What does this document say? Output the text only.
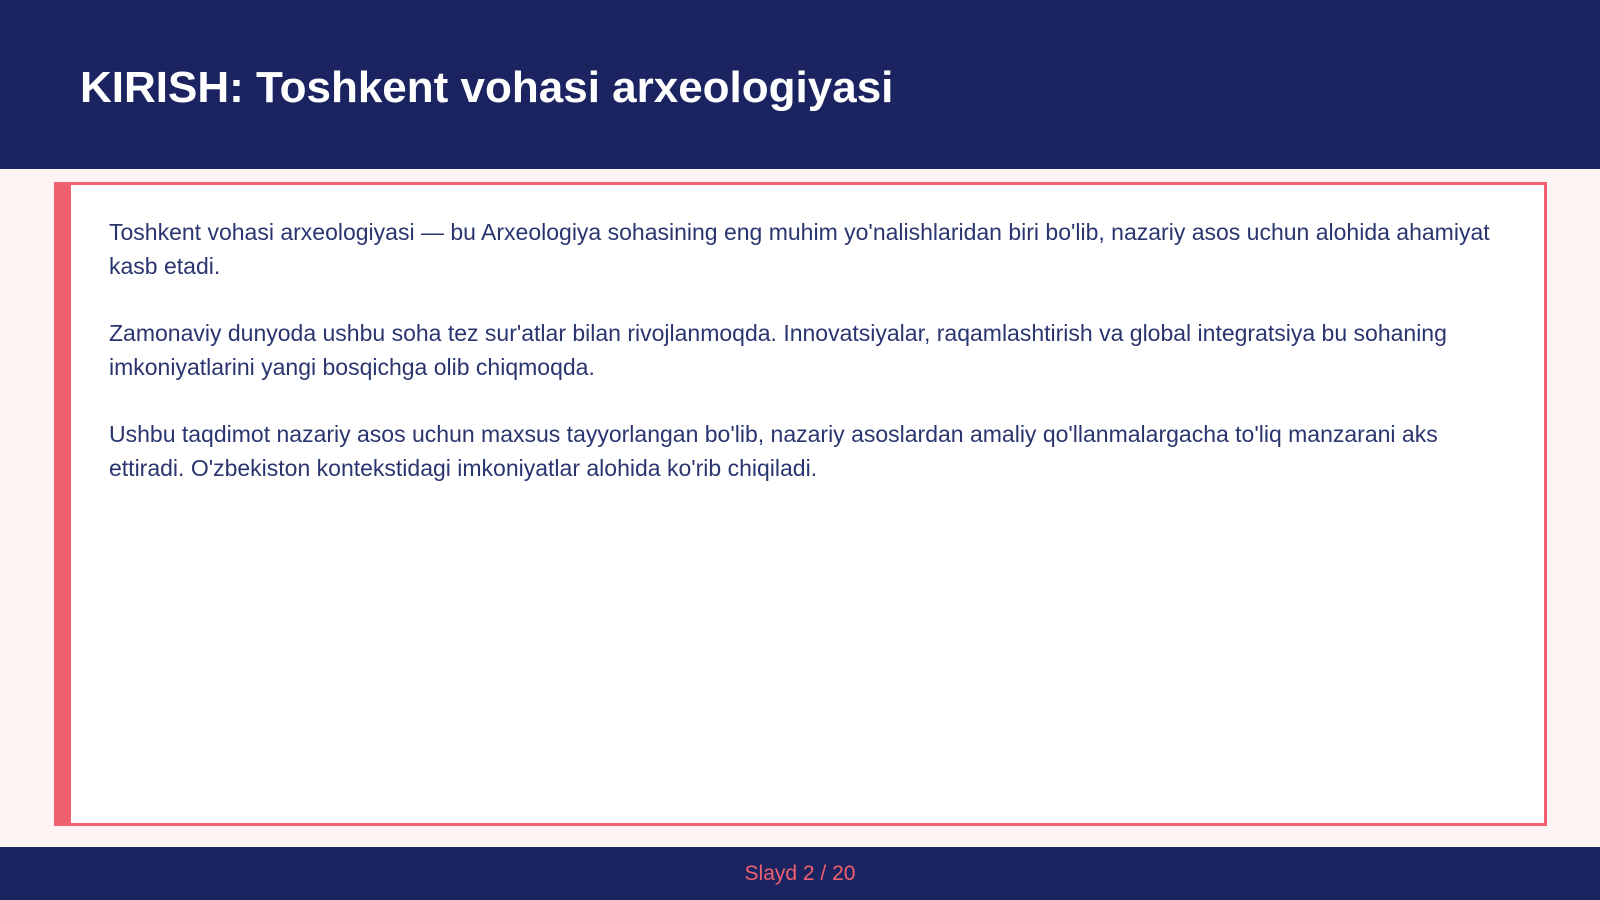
KIRISH: Toshkent vohasi arxeologiyasi

Toshkent vohasi arxeologiyasi — bu Arxeologiya sohasining eng muhim yo'nalishlaridan biri bo'lib, nazariy asos uchun alohida ahamiyat kasb etadi.

Zamonaviy dunyoda ushbu soha tez sur'atlar bilan rivojlanmoqda. Innovatsiyalar, raqamlashtirish va global integratsiya bu sohaning imkoniyatlarini yangi bosqichga olib chiqmoqda.

Ushbu taqdimot nazariy asos uchun maxsus tayyorlangan bo'lib, nazariy asoslardan amaliy qo'llanmalargacha to'liq manzarani aks ettiradi. O'zbekiston kontekstidagi imkoniyatlar alohida ko'rib chiqiladi.

Slayd 2 / 20
